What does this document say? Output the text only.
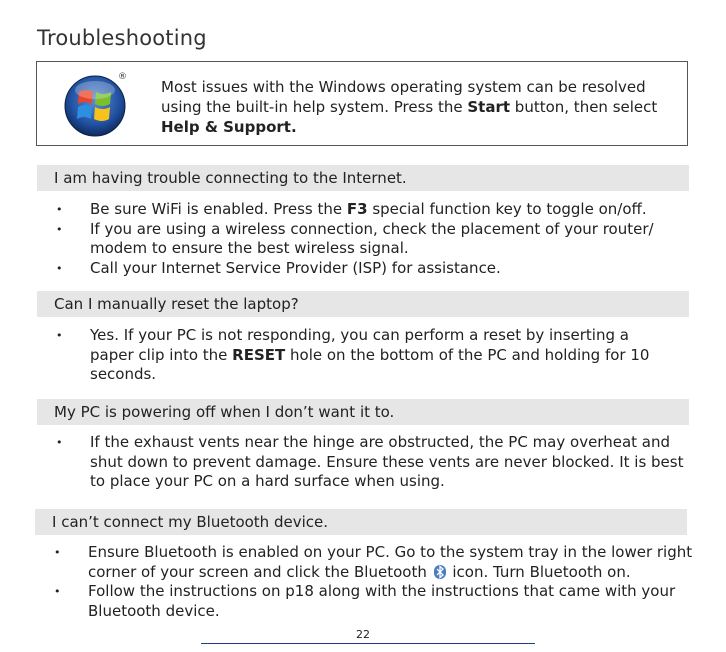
Troubleshooting
®
Most issues with the Windows operating system can be resolved using the built-in help system. Press the Start button, then select Help & Support.
I am having trouble connecting to the Internet.
• Be sure WiFi is enabled. Press the F3 special function key to toggle on/off.
• If you are using a wireless connection, check the placement of your router/ modem to ensure the best wireless signal.
• Call your Internet Service Provider (ISP) for assistance.
Can I manually reset the laptop?
• Yes. If your PC is not responding, you can perform a reset by inserting a paper clip into the RESET hole on the bottom of the PC and holding for 10 seconds.
My PC is powering off when I don’t want it to.
• If the exhaust vents near the hinge are obstructed, the PC may overheat and shut down to prevent damage. Ensure these vents are never blocked. It is best to place your PC on a hard surface when using.
I can’t connect my Bluetooth device.
• Ensure Bluetooth is enabled on your PC. Go to the system tray in the lower right corner of your screen and click the Bluetooth  icon. Turn Bluetooth on.
• Follow the instructions on p18 along with the instructions that came with your Bluetooth device.
22
